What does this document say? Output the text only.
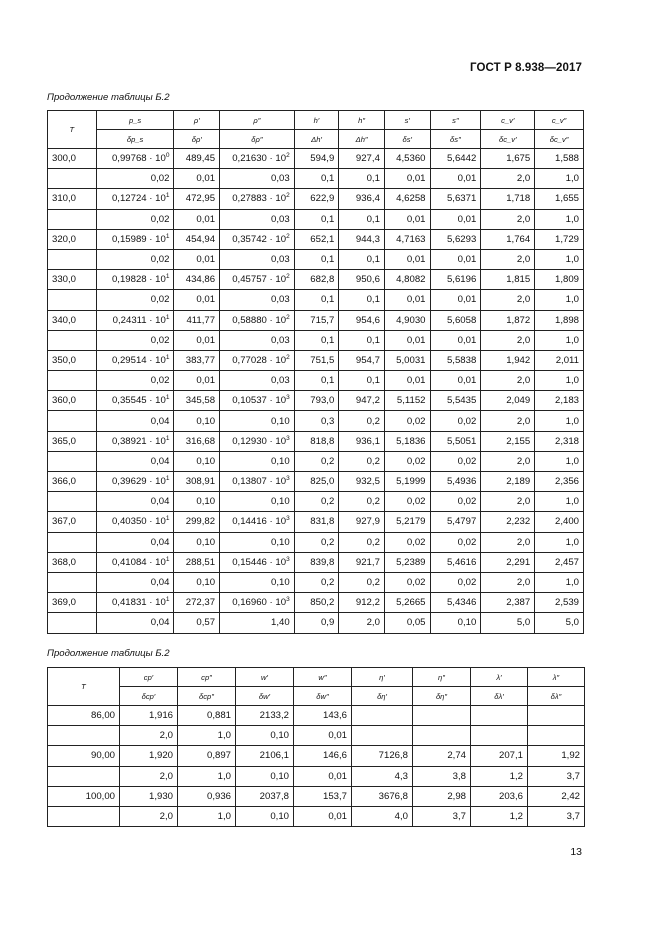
ГОСТ Р 8.938—2017
Продолжение таблицы Б.2
T	p_s	ρ′	ρ″	h′	h″	s′	s″	c_v′	c_v″
	δp_s	δρ′	δρ″	Δh′	Δh″	δs′	δs″	δc_v′	δc_v″
300,0	$0,99768 \cdot 10^0$	489,45	$0,21630 \cdot 10^2$	594,9	927,4	4,5360	5,6442	1,675	1,588
	0,02	0,01	0,03	0,1	0,1	0,01	0,01	2,0	1,0
310,0	$0,12724 \cdot 10^1$	472,95	$0,27883 \cdot 10^2$	622,9	936,4	4,6258	5,6371	1,718	1,655
	0,02	0,01	0,03	0,1	0,1	0,01	0,01	2,0	1,0
320,0	$0,15989 \cdot 10^1$	454,94	$0,35742 \cdot 10^2$	652,1	944,3	4,7163	5,6293	1,764	1,729
	0,02	0,01	0,03	0,1	0,1	0,01	0,01	2,0	1,0
330,0	$0,19828 \cdot 10^1$	434,86	$0,45757 \cdot 10^2$	682,8	950,6	4,8082	5,6196	1,815	1,809
	0,02	0,01	0,03	0,1	0,1	0,01	0,01	2,0	1,0
340,0	$0,24311 \cdot 10^1$	411,77	$0,58880 \cdot 10^2$	715,7	954,6	4,9030	5,6058	1,872	1,898
	0,02	0,01	0,03	0,1	0,1	0,01	0,01	2,0	1,0
350,0	$0,29514 \cdot 10^1$	383,77	$0,77028 \cdot 10^2$	751,5	954,7	5,0031	5,5838	1,942	2,011
	0,02	0,01	0,03	0,1	0,1	0,01	0,01	2,0	1,0
360,0	$0,35545 \cdot 10^1$	345,58	$0,10537 \cdot 10^3$	793,0	947,2	5,1152	5,5435	2,049	2,183
	0,04	0,10	0,10	0,3	0,2	0,02	0,02	2,0	1,0
365,0	$0,38921 \cdot 10^1$	316,68	$0,12930 \cdot 10^3$	818,8	936,1	5,1836	5,5051	2,155	2,318
	0,04	0,10	0,10	0,2	0,2	0,02	0,02	2,0	1,0
366,0	$0,39629 \cdot 10^1$	308,91	$0,13807 \cdot 10^3$	825,0	932,5	5,1999	5,4936	2,189	2,356
	0,04	0,10	0,10	0,2	0,2	0,02	0,02	2,0	1,0
367,0	$0,40350 \cdot 10^1$	299,82	$0,14416 \cdot 10^3$	831,8	927,9	5,2179	5,4797	2,232	2,400
	0,04	0,10	0,10	0,2	0,2	0,02	0,02	2,0	1,0
368,0	$0,41084 \cdot 10^1$	288,51	$0,15446 \cdot 10^3$	839,8	921,7	5,2389	5,4616	2,291	2,457
	0,04	0,10	0,10	0,2	0,2	0,02	0,02	2,0	1,0
369,0	$0,41831 \cdot 10^1$	272,37	$0,16960 \cdot 10^3$	850,2	912,2	5,2665	5,4346	2,387	2,539
	0,04	0,57	1,40	0,9	2,0	0,05	0,10	5,0	5,0
Продолжение таблицы Б.2
T	cp′	cp″	w′	w″	η′	η″	λ′	λ″
	δcp′	δcp″	δw′	δw″	δη′	δη″	δλ′	δλ″
86,00	1,916	0,881	2133,2	143,6				
	2,0	1,0	0,10	0,01				
90,00	1,920	0,897	2106,1	146,6	7126,8	2,74	207,1	1,92
	2,0	1,0	0,10	0,01	4,3	3,8	1,2	3,7
100,00	1,930	0,936	2037,8	153,7	3676,8	2,98	203,6	2,42
	2,0	1,0	0,10	0,01	4,0	3,7	1,2	3,7
13
